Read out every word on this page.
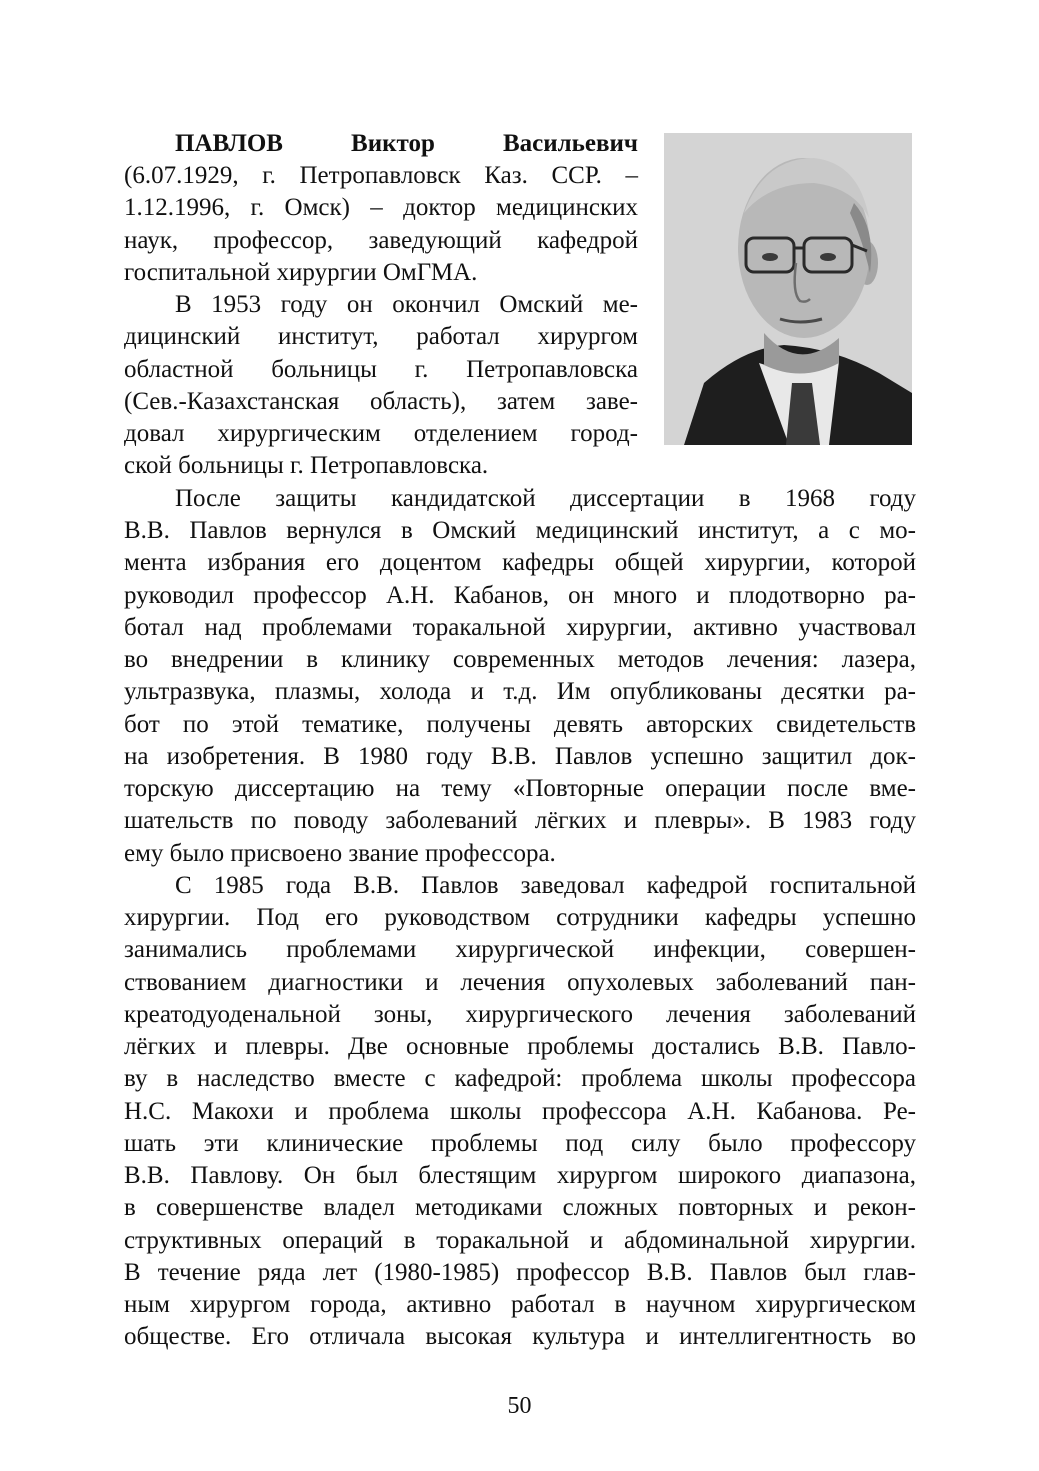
ПАВЛОВ Виктор Васильевич
(6.07.1929, г. Петропавловск Каз. ССР. –
1.12.1996, г. Омск) – доктор медицинских
наук, профессор, заведующий кафедрой
госпитальной хирургии ОмГМА.
В 1953 году он окончил Омский ме-
дицинский институт, работал хирургом
областной больницы г. Петропавловска
(Сев.-Казахстанская область), затем заве-
довал хирургическим отделением город-
ской больницы г. Петропавловска.
После защиты кандидатской диссертации в 1968 году
В.В. Павлов вернулся в Омский медицинский институт, а с мо-
мента избрания его доцентом кафедры общей хирургии, которой
руководил профессор А.Н. Кабанов, он много и плодотворно ра-
ботал над проблемами торакальной хирургии, активно участвовал
во внедрении в клинику современных методов лечения: лазера,
ультразвука, плазмы, холода и т.д. Им опубликованы десятки ра-
бот по этой тематике, получены девять авторских свидетельств
на изобретения. В 1980 году В.В. Павлов успешно защитил док-
торскую диссертацию на тему «Повторные операции после вме-
шательств по поводу заболеваний лёгких и плевры». В 1983 году
ему было присвоено звание профессора.
С 1985 года В.В. Павлов заведовал кафедрой госпитальной
хирургии. Под его руководством сотрудники кафедры успешно
занимались проблемами хирургической инфекции, совершен-
ствованием диагностики и лечения опухолевых заболеваний пан-
креатодуоденальной зоны, хирургического лечения заболеваний
лёгких и плевры. Две основные проблемы достались В.В. Павло-
ву в наследство вместе с кафедрой: проблема школы профессора
Н.С. Макохи и проблема школы профессора А.Н. Кабанова. Ре-
шать эти клинические проблемы под силу было профессору
В.В. Павлову. Он был блестящим хирургом широкого диапазона,
в совершенстве владел методиками сложных повторных и рекон-
структивных операций в торакальной и абдоминальной хирургии.
В течение ряда лет (1980-1985) профессор В.В. Павлов был глав-
ным хирургом города, активно работал в научном хирургическом
обществе. Его отличала высокая культура и интеллигентность во
50
